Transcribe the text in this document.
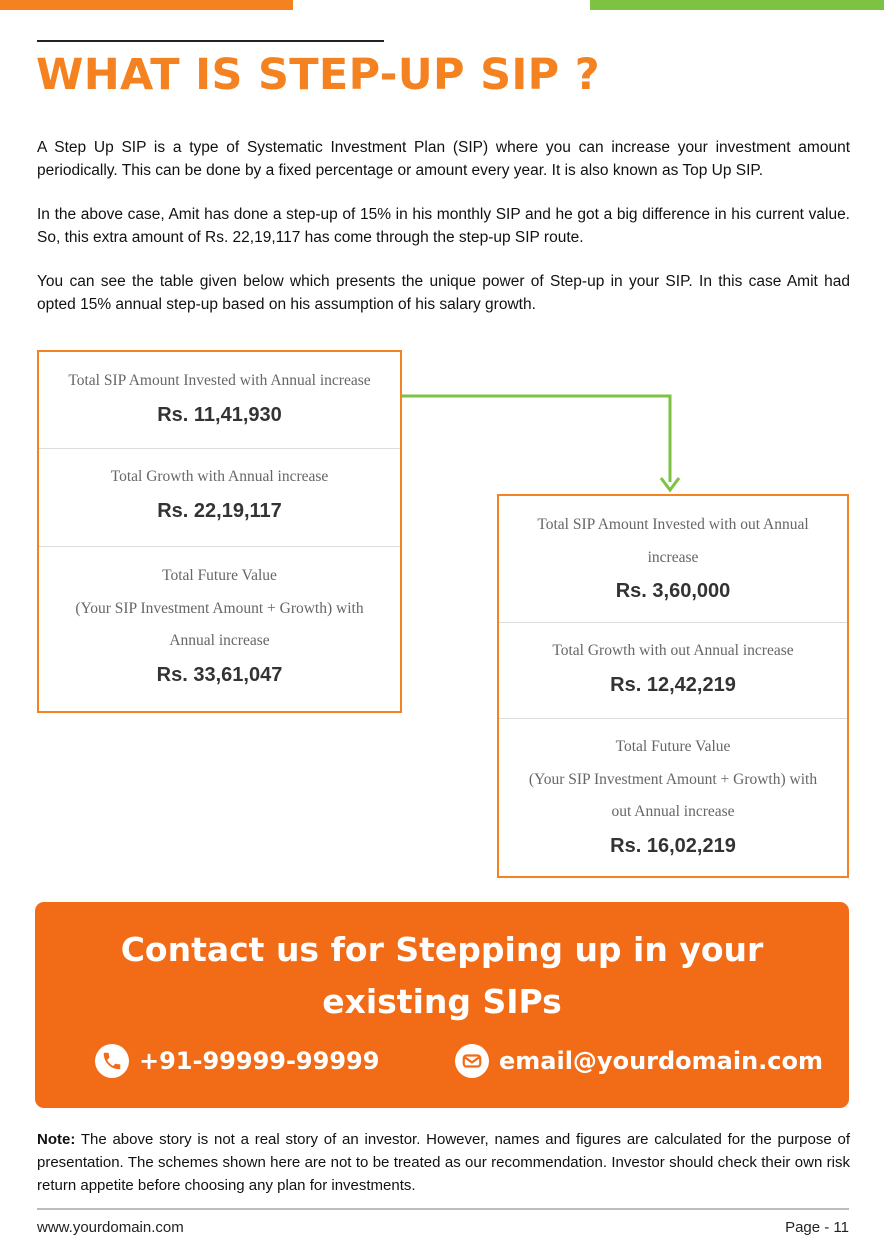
WHAT IS STEP-UP SIP ?

A Step Up SIP is a type of Systematic Investment Plan (SIP) where you can increase your investment amount periodically. This can be done by a fixed percentage or amount every year. It is also known as Top Up SIP.

In the above case, Amit has done a step-up of 15% in his monthly SIP and he got a big difference in his current value. So, this extra amount of Rs. 22,19,117 has come through the step-up SIP route.

You can see the table given below which presents the unique power of Step-up in your SIP. In this case Amit had opted 15% annual step-up based on his assumption of his salary growth.

Total SIP Amount Invested with Annual increase
Rs. 11,41,930
Total Growth with Annual increase
Rs. 22,19,117
Total Future Value
(Your SIP Investment Amount + Growth) with
Annual increase
Rs. 33,61,047
Total SIP Amount Invested with out Annual
increase
Rs. 3,60,000
Total Growth with out Annual increase
Rs. 12,42,219
Total Future Value
(Your SIP Investment Amount + Growth) with
out Annual increase
Rs. 16,02,219
Contact us for Stepping up in your
existing SIPs
+91-99999-99999	email@yourdomain.com

Note: The above story is not a real story of an investor. However, names and figures are calculated for the purpose of presentation. The schemes shown here are not to be treated as our recommendation. Investor should check their own risk return appetite before choosing any plan for investments.

www.yourdomain.com	Page - 11
